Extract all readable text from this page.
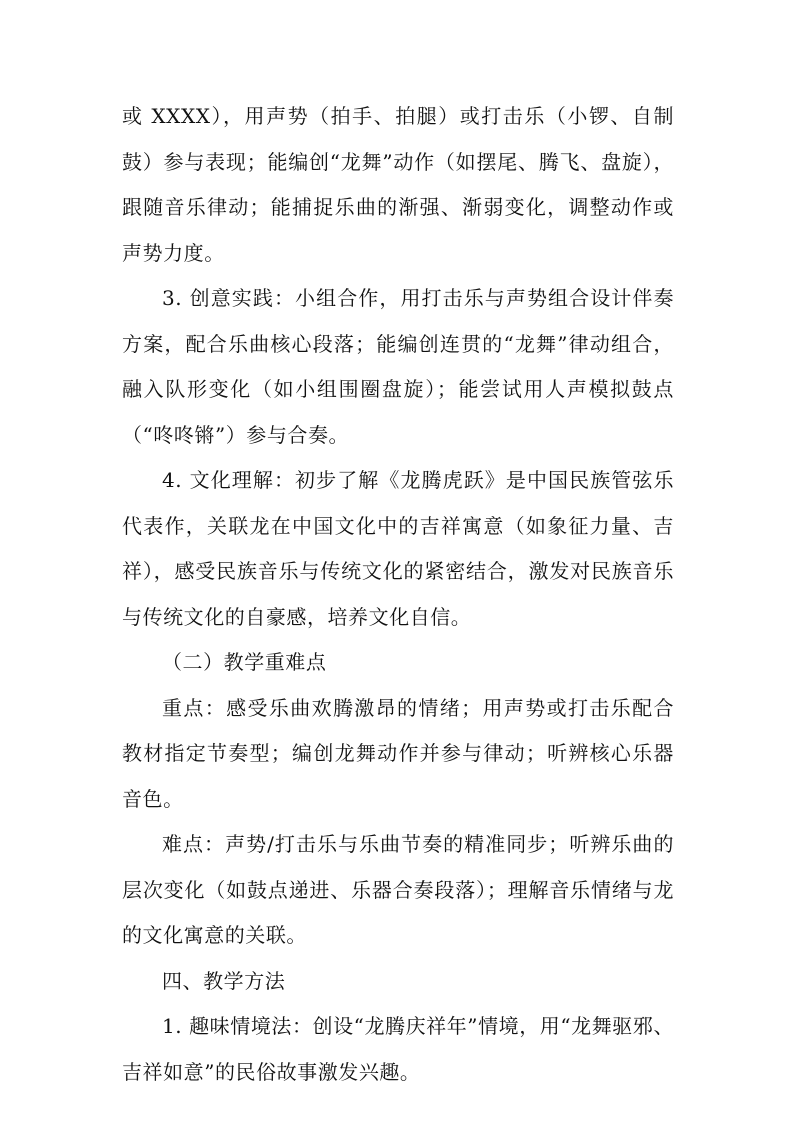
或 XXXX），用声势（拍手、拍腿）或打击乐（小锣、自制鼓）参与表现；能编创“龙舞”动作（如摆尾、腾飞、盘旋），跟随音乐律动；能捕捉乐曲的渐强、渐弱变化，调整动作或声势力度。

3. 创意实践：小组合作，用打击乐与声势组合设计伴奏方案，配合乐曲核心段落；能编创连贯的“龙舞”律动组合，融入队形变化（如小组围圈盘旋）；能尝试用人声模拟鼓点（“咚咚锵”）参与合奏。

4. 文化理解：初步了解《龙腾虎跃》是中国民族管弦乐代表作，关联龙在中国文化中的吉祥寓意（如象征力量、吉祥），感受民族音乐与传统文化的紧密结合，激发对民族音乐与传统文化的自豪感，培养文化自信。

（二）教学重难点

重点：感受乐曲欢腾激昂的情绪；用声势或打击乐配合教材指定节奏型；编创龙舞动作并参与律动；听辨核心乐器音色。

难点：声势/打击乐与乐曲节奏的精准同步；听辨乐曲的层次变化（如鼓点递进、乐器合奏段落）；理解音乐情绪与龙的文化寓意的关联。

四、教学方法

1. 趣味情境法：创设“龙腾庆祥年”情境，用“龙舞驱邪、吉祥如意”的民俗故事激发兴趣。
